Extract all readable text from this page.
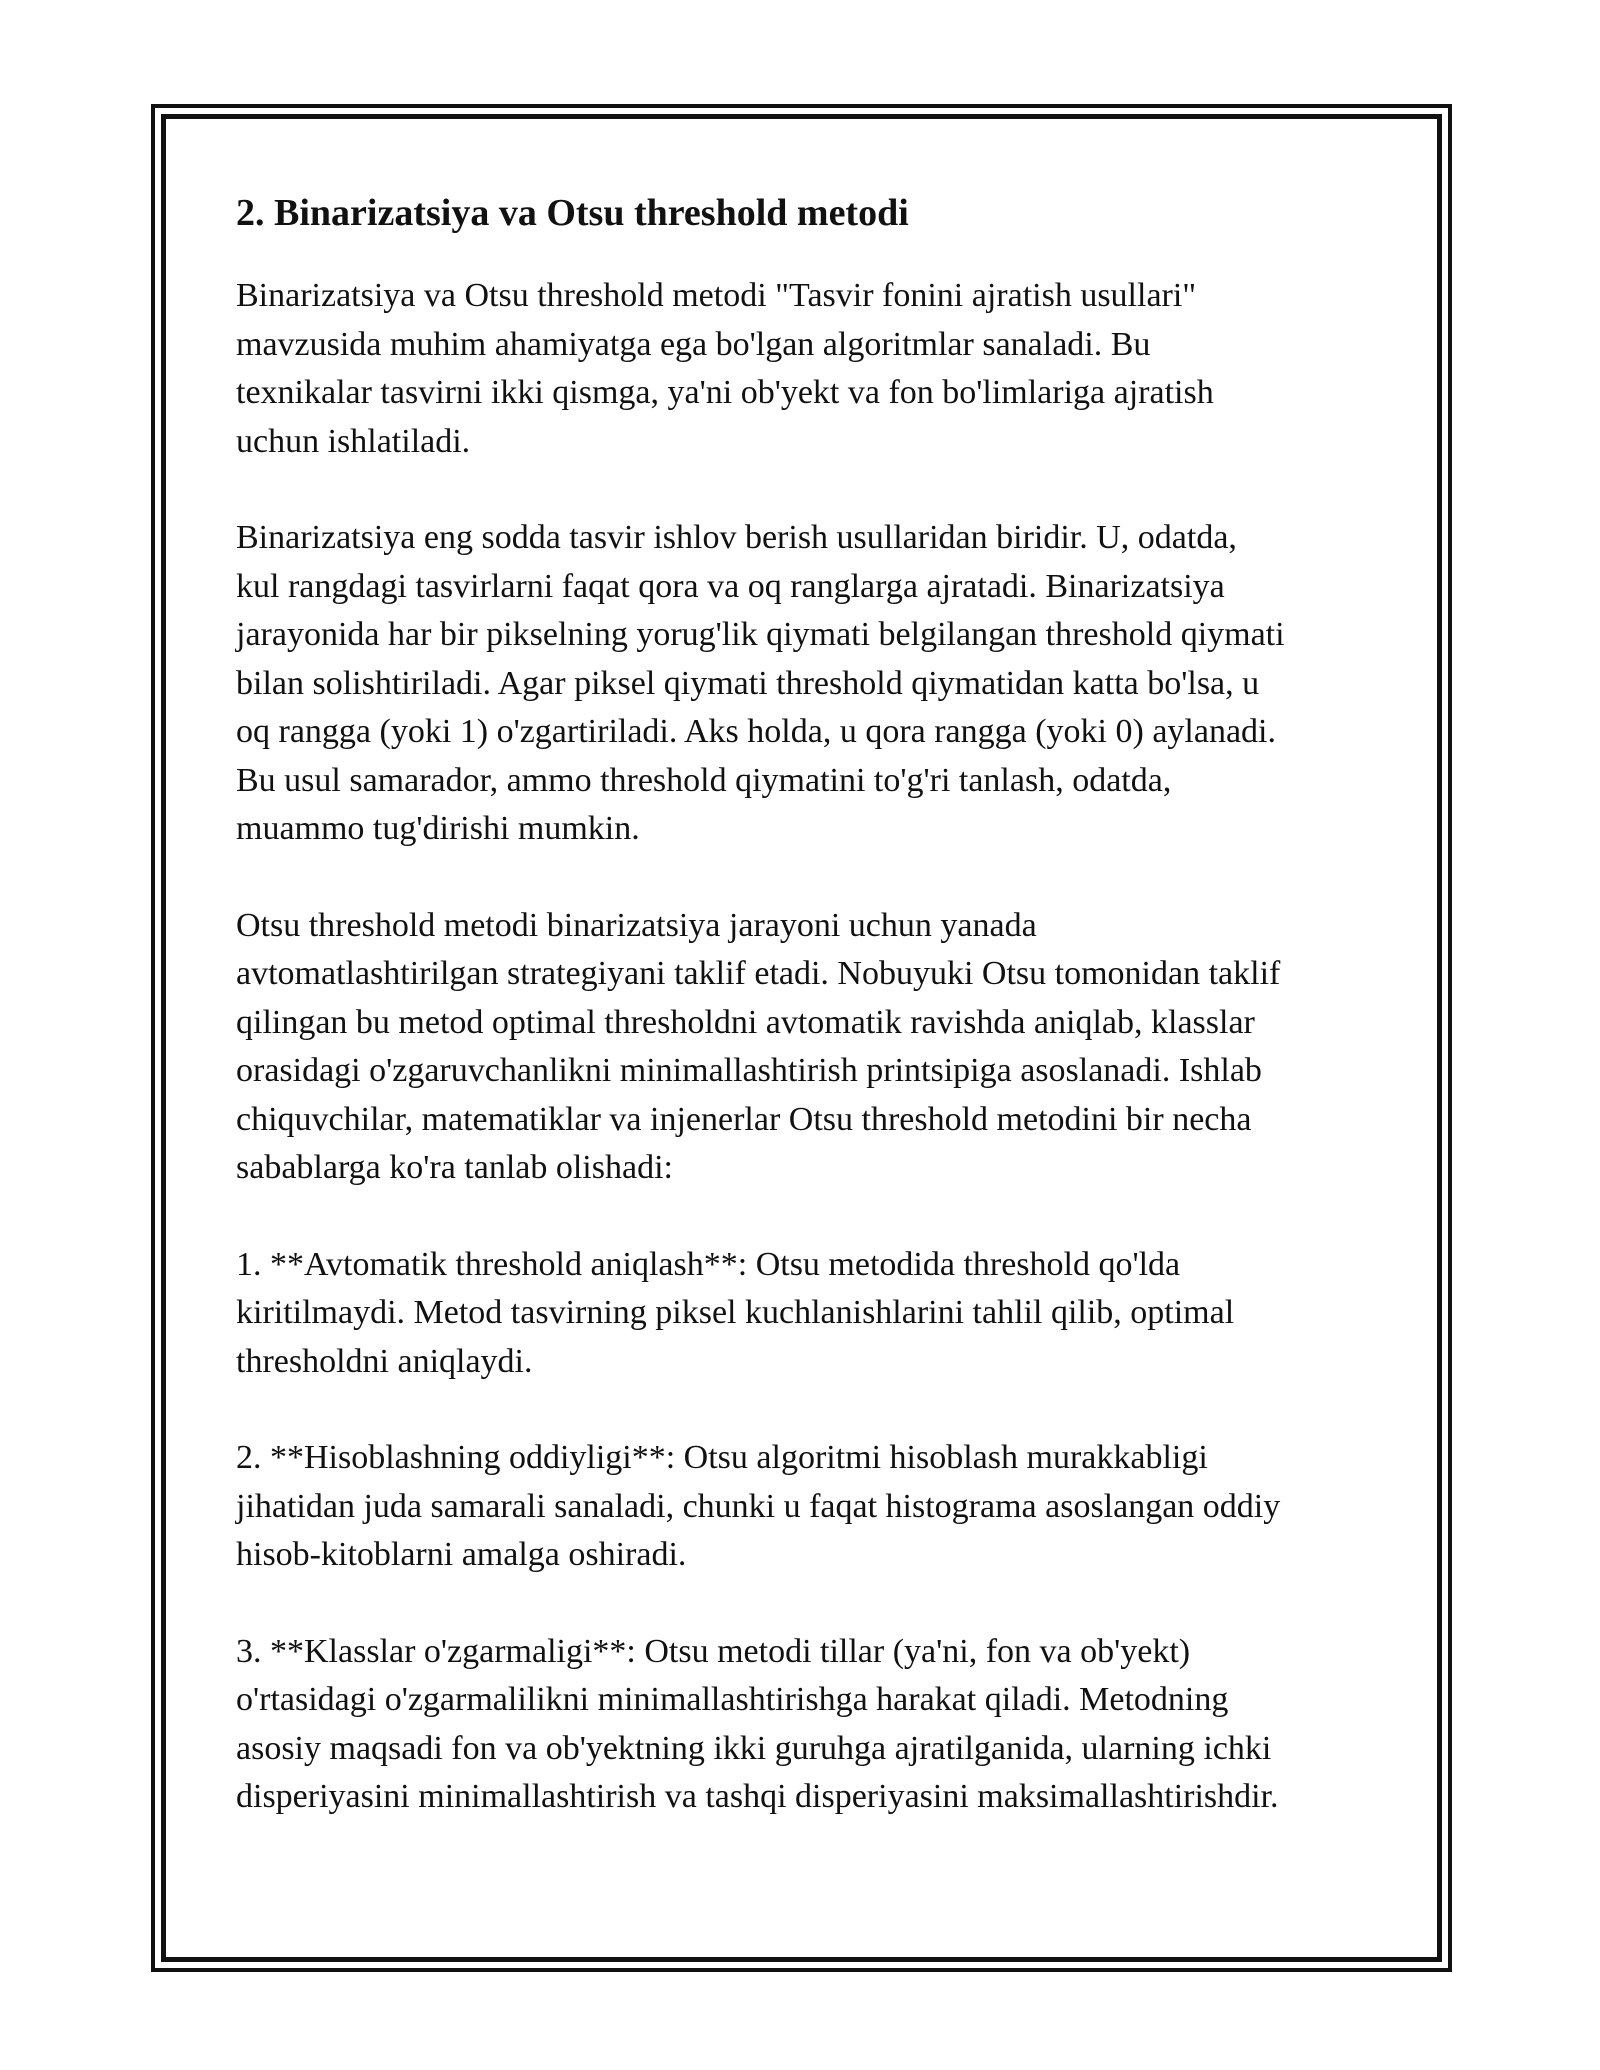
2. Binarizatsiya va Otsu threshold metodi

Binarizatsiya va Otsu threshold metodi "Tasvir fonini ajratish usullari"
mavzusida muhim ahamiyatga ega bo'lgan algoritmlar sanaladi. Bu
texnikalar tasvirni ikki qismga, ya'ni ob'yekt va fon bo'limlariga ajratish
uchun ishlatiladi.

Binarizatsiya eng sodda tasvir ishlov berish usullaridan biridir. U, odatda,
kul rangdagi tasvirlarni faqat qora va oq ranglarga ajratadi. Binarizatsiya
jarayonida har bir pikselning yorug'lik qiymati belgilangan threshold qiymati
bilan solishtiriladi. Agar piksel qiymati threshold qiymatidan katta bo'lsa, u
oq rangga (yoki 1) o'zgartiriladi. Aks holda, u qora rangga (yoki 0) aylanadi.
Bu usul samarador, ammo threshold qiymatini to'g'ri tanlash, odatda,
muammo tug'dirishi mumkin.

Otsu threshold metodi binarizatsiya jarayoni uchun yanada
avtomatlashtirilgan strategiyani taklif etadi. Nobuyuki Otsu tomonidan taklif
qilingan bu metod optimal thresholdni avtomatik ravishda aniqlab, klasslar
orasidagi o'zgaruvchanlikni minimallashtirish printsipiga asoslanadi. Ishlab
chiquvchilar, matematiklar va injenerlar Otsu threshold metodini bir necha
sabablarga ko'ra tanlab olishadi:

1. **Avtomatik threshold aniqlash**: Otsu metodida threshold qo'lda
kiritilmaydi. Metod tasvirning piksel kuchlanishlarini tahlil qilib, optimal
thresholdni aniqlaydi.

2. **Hisoblashning oddiyligi**: Otsu algoritmi hisoblash murakkabligi
jihatidan juda samarali sanaladi, chunki u faqat histograma asoslangan oddiy
hisob-kitoblarni amalga oshiradi.

3. **Klasslar o'zgarmaligi**: Otsu metodi tillar (ya'ni, fon va ob'yekt)
o'rtasidagi o'zgarmalilikni minimallashtirishga harakat qiladi. Metodning
asosiy maqsadi fon va ob'yektning ikki guruhga ajratilganida, ularning ichki
disperiyasini minimallashtirish va tashqi disperiyasini maksimallashtirishdir.
